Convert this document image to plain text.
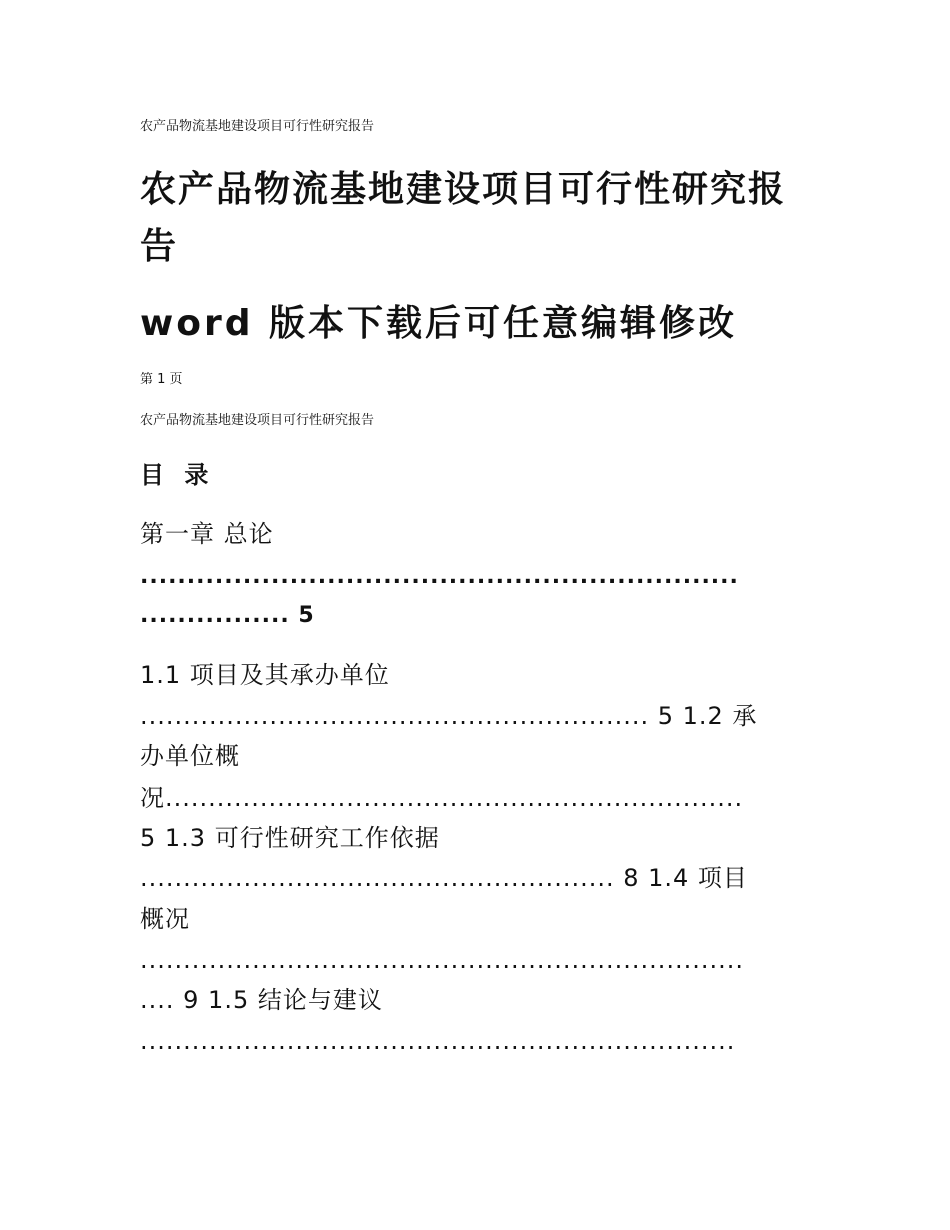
农产品物流基地建设项目可行性研究报告

农产品物流基地建设项目可行性研究报
告
word 版本下载后可任意编辑修改

第 1 页

农产品物流基地建设项目可行性研究报告

目 录

第一章 总论

................................................................

................ 5

1.1 项目及其承办单位

........................................................... 5 1.2 承

办单位概

况...................................................................

5 1.3 可行性研究工作依据

....................................................... 8 1.4 项目

概况

......................................................................

.... 9 1.5 结论与建议

.....................................................................
